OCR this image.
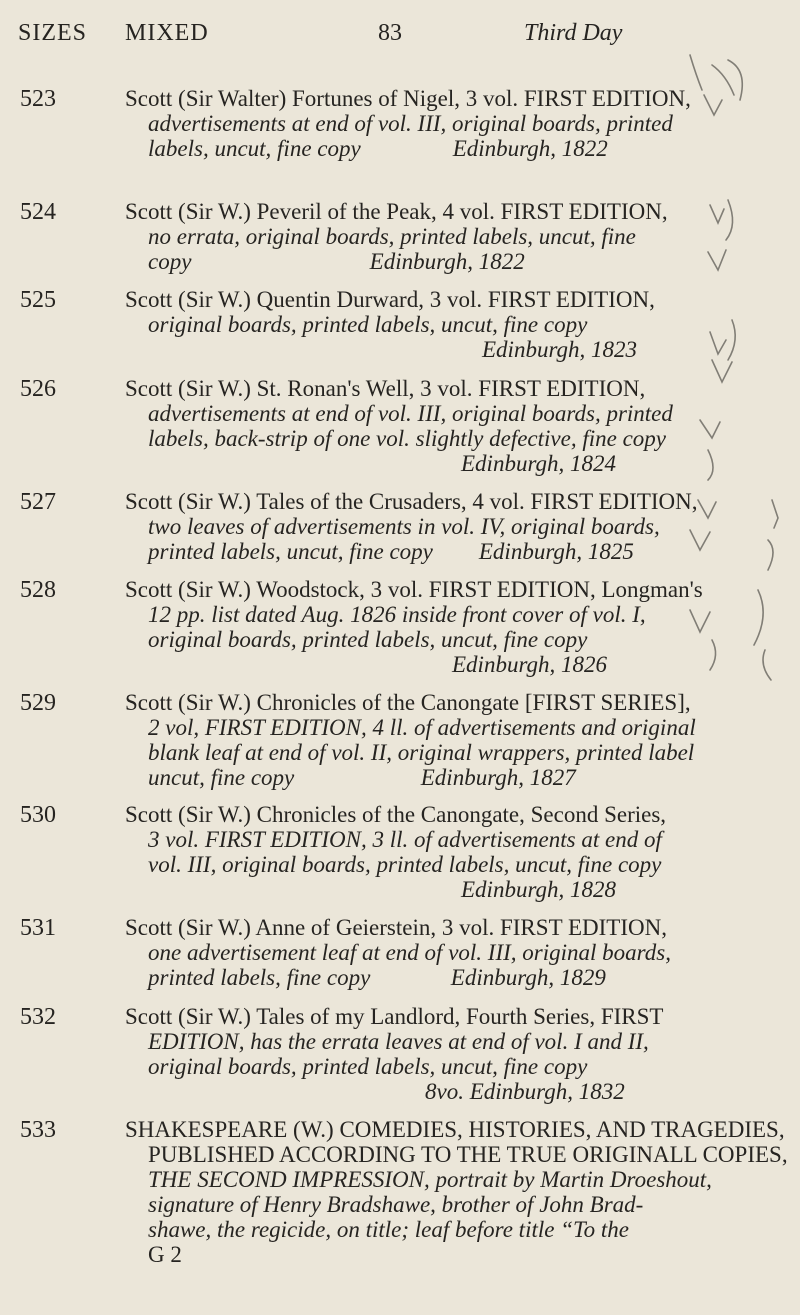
SIZES MIXED	83	Third Day
523	Scott (Sir Walter) Fortunes of Nigel, 3 vol. FIRST EDITION,
advertisements at end of vol. III, original boards, printed
labels, uncut, fine copy                Edinburgh, 1822
524	Scott (Sir W.) Peveril of the Peak, 4 vol. FIRST EDITION,
no errata, original boards, printed labels, uncut, fine
copy                               Edinburgh, 1822
525	Scott (Sir W.) Quentin Durward, 3 vol. FIRST EDITION,
original boards, printed labels, uncut, fine copy
Edinburgh, 1823
526	Scott (Sir W.) St. Ronan's Well, 3 vol. FIRST EDITION,
advertisements at end of vol. III, original boards, printed
labels, back-strip of one vol. slightly defective, fine copy
Edinburgh, 1824
527	Scott (Sir W.) Tales of the Crusaders, 4 vol. FIRST EDITION,
two leaves of advertisements in vol. IV, original boards,
printed labels, uncut, fine copy        Edinburgh, 1825
528	Scott (Sir W.) Woodstock, 3 vol. FIRST EDITION, Longman's
12 pp. list dated Aug. 1826 inside front cover of vol. I,
original boards, printed labels, uncut, fine copy
Edinburgh, 1826
529	Scott (Sir W.) Chronicles of the Canongate [FIRST SERIES],
2 vol, FIRST EDITION, 4 ll. of advertisements and original
blank leaf at end of vol. II, original wrappers, printed label
uncut, fine copy                      Edinburgh, 1827
530	Scott (Sir W.) Chronicles of the Canongate, Second Series,
3 vol. FIRST EDITION, 3 ll. of advertisements at end of
vol. III, original boards, printed labels, uncut, fine copy
Edinburgh, 1828
531	Scott (Sir W.) Anne of Geierstein, 3 vol. FIRST EDITION,
one advertisement leaf at end of vol. III, original boards,
printed labels, fine copy              Edinburgh, 1829
532	Scott (Sir W.) Tales of my Landlord, Fourth Series, FIRST
EDITION, has the errata leaves at end of vol. I and II,
original boards, printed labels, uncut, fine copy
8vo. Edinburgh, 1832
533	SHAKESPEARE (W.) COMEDIES, HISTORIES, AND TRAGEDIES,
PUBLISHED ACCORDING TO THE TRUE ORIGINALL COPIES,
THE SECOND IMPRESSION, portrait by Martin Droeshout,
signature of Henry Bradshawe, brother of John Brad-
shawe, the regicide, on title; leaf before title “To the
G 2
